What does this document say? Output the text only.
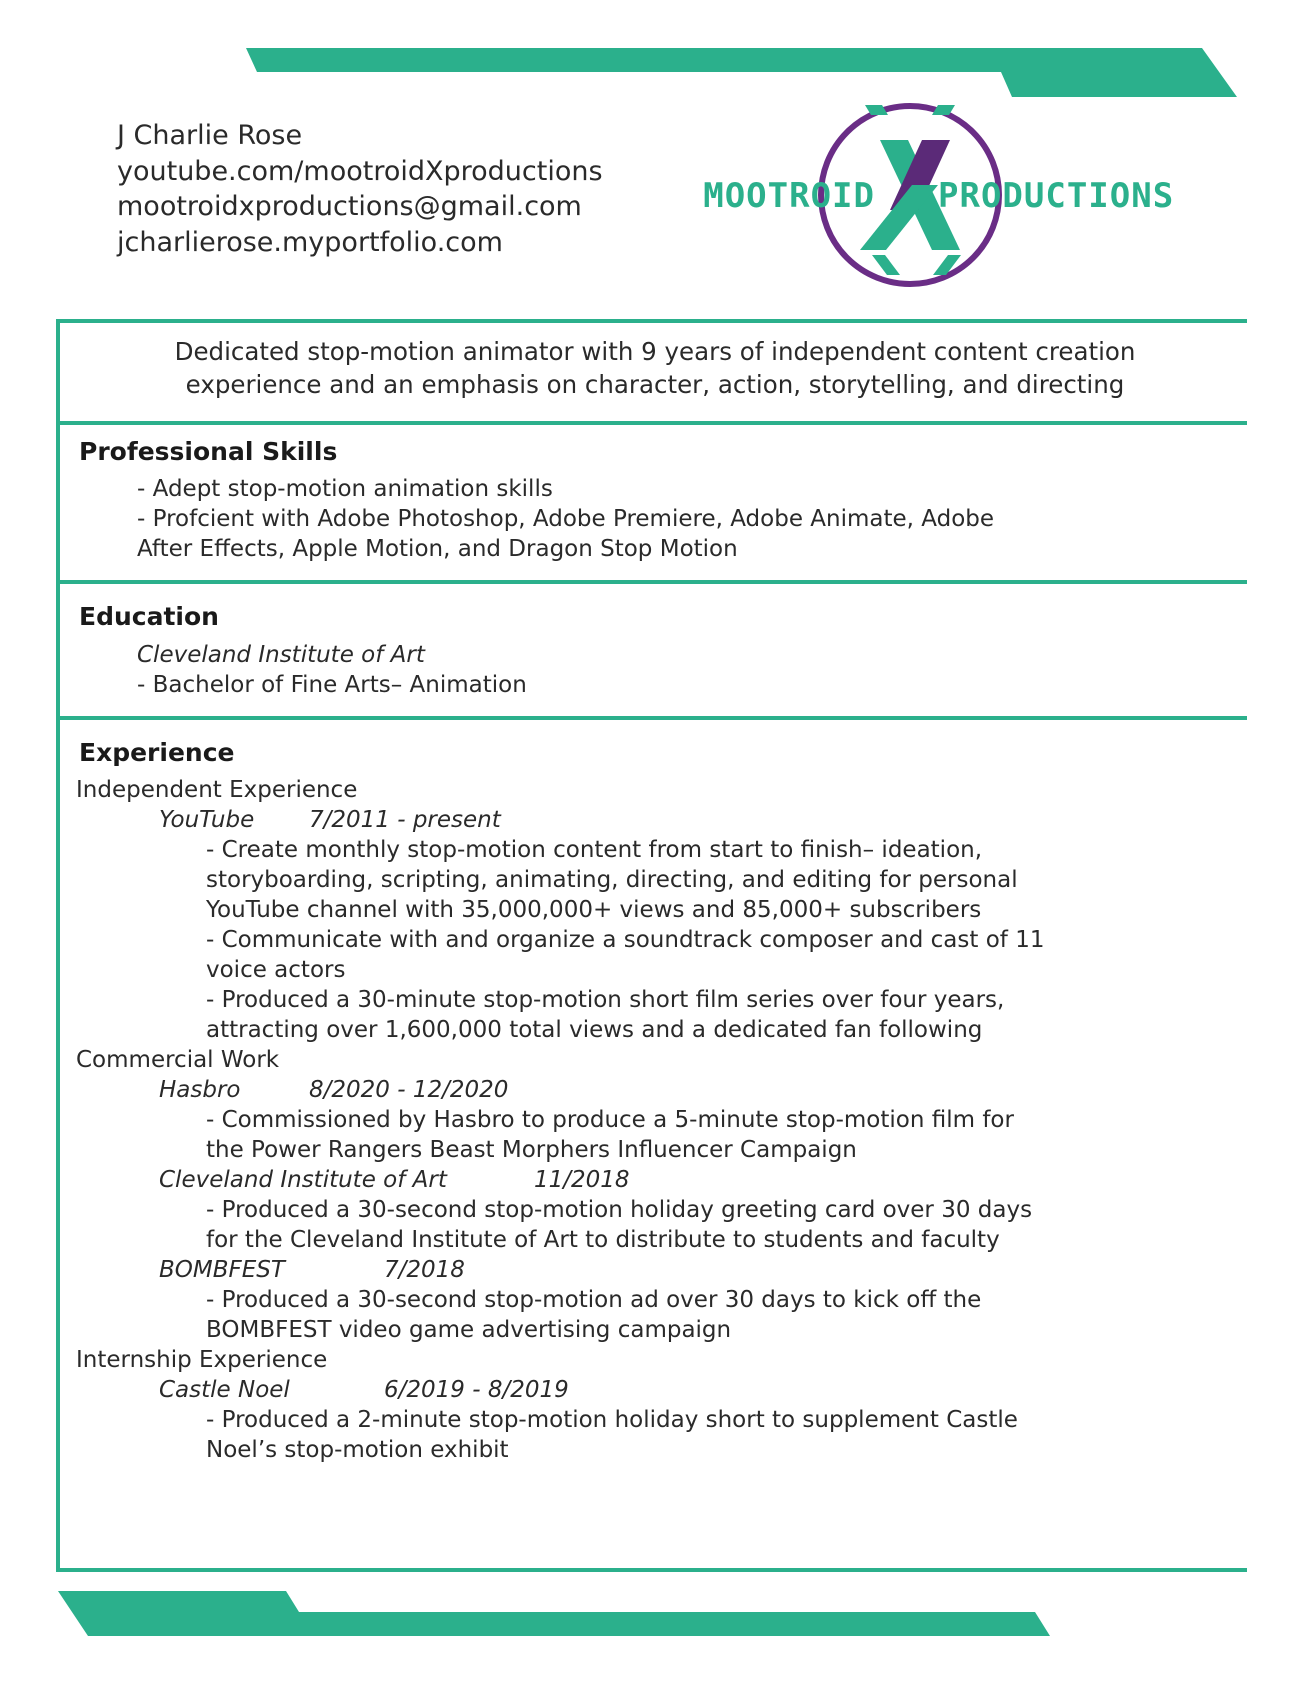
J Charlie Rose
youtube.com/mootroidXproductions
mootroidxproductions@gmail.com
jcharlierose.myportfolio.com
MOOTROID PRODUCTIONS
Dedicated stop-motion animator with 9 years of independent content creation
experience and an emphasis on character, action, storytelling, and directing
Professional Skills
- Adept stop-motion animation skills
- Profcient with Adobe Photoshop, Adobe Premiere, Adobe Animate, Adobe
After Effects, Apple Motion, and Dragon Stop Motion
Education
Cleveland Institute of Art
- Bachelor of Fine Arts– Animation
Experience
Independent Experience
YouTube 7/2011 - present
- Create monthly stop-motion content from start to finish– ideation,
storyboarding, scripting, animating, directing, and editing for personal
YouTube channel with 35,000,000+ views and 85,000+ subscribers
- Communicate with and organize a soundtrack composer and cast of 11
voice actors
- Produced a 30-minute stop-motion short film series over four years,
attracting over 1,600,000 total views and a dedicated fan following
Commercial Work
Hasbro	8/2020 - 12/2020
- Commissioned by Hasbro to produce a 5-minute stop-motion film for
the Power Rangers Beast Morphers Influencer Campaign
Cleveland Institute of Art	11/2018
- Produced a 30-second stop-motion holiday greeting card over 30 days
for the Cleveland Institute of Art to distribute to students and faculty
BOMBFEST	7/2018
- Produced a 30-second stop-motion ad over 30 days to kick off the
BOMBFEST video game advertising campaign
Internship Experience
Castle Noel	6/2019 - 8/2019
- Produced a 2-minute stop-motion holiday short to supplement Castle
Noel’s stop-motion exhibit
